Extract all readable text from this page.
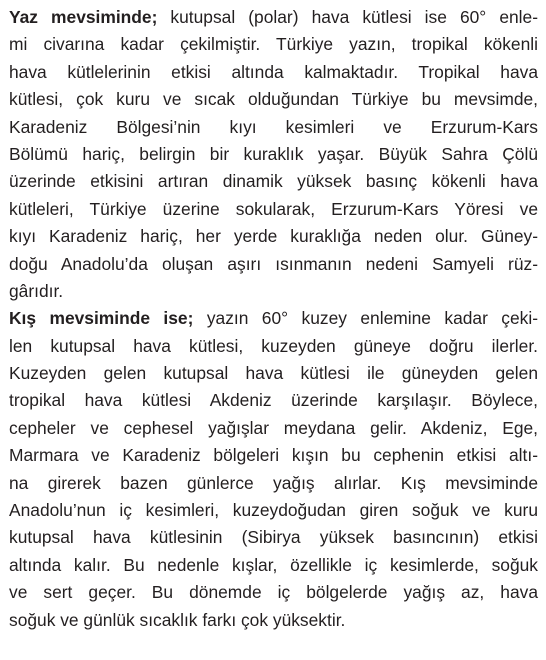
Yaz mevsiminde; kutupsal (polar) hava kütlesi ise 60° enle-
mi civarına kadar çekilmiştir. Türkiye yazın, tropikal kökenli
hava kütlelerinin etkisi altında kalmaktadır. Tropikal hava
kütlesi, çok kuru ve sıcak olduğundan Türkiye bu mevsimde,
Karadeniz Bölgesi’nin kıyı kesimleri ve Erzurum-Kars
Bölümü hariç, belirgin bir kuraklık yaşar. Büyük Sahra Çölü
üzerinde etkisini artıran dinamik yüksek basınç kökenli hava
kütleleri, Türkiye üzerine sokularak, Erzurum-Kars Yöresi ve
kıyı Karadeniz hariç, her yerde kuraklığa neden olur. Güney-
doğu Anadolu’da oluşan aşırı ısınmanın nedeni Samyeli rüz-
gârıdır.
Kış mevsiminde ise; yazın 60° kuzey enlemine kadar çeki-
len kutupsal hava kütlesi, kuzeyden güneye doğru ilerler.
Kuzeyden gelen kutupsal hava kütlesi ile güneyden gelen
tropikal hava kütlesi Akdeniz üzerinde karşılaşır. Böylece,
cepheler ve cephesel yağışlar meydana gelir. Akdeniz, Ege,
Marmara ve Karadeniz bölgeleri kışın bu cephenin etkisi altı-
na girerek bazen günlerce yağış alırlar. Kış mevsiminde
Anadolu’nun iç kesimleri, kuzeydoğudan giren soğuk ve kuru
kutupsal hava kütlesinin (Sibirya yüksek basıncının) etkisi
altında kalır. Bu nedenle kışlar, özellikle iç kesimlerde, soğuk
ve sert geçer. Bu dönemde iç bölgelerde yağış az, hava
soğuk ve günlük sıcaklık farkı çok yüksektir.
